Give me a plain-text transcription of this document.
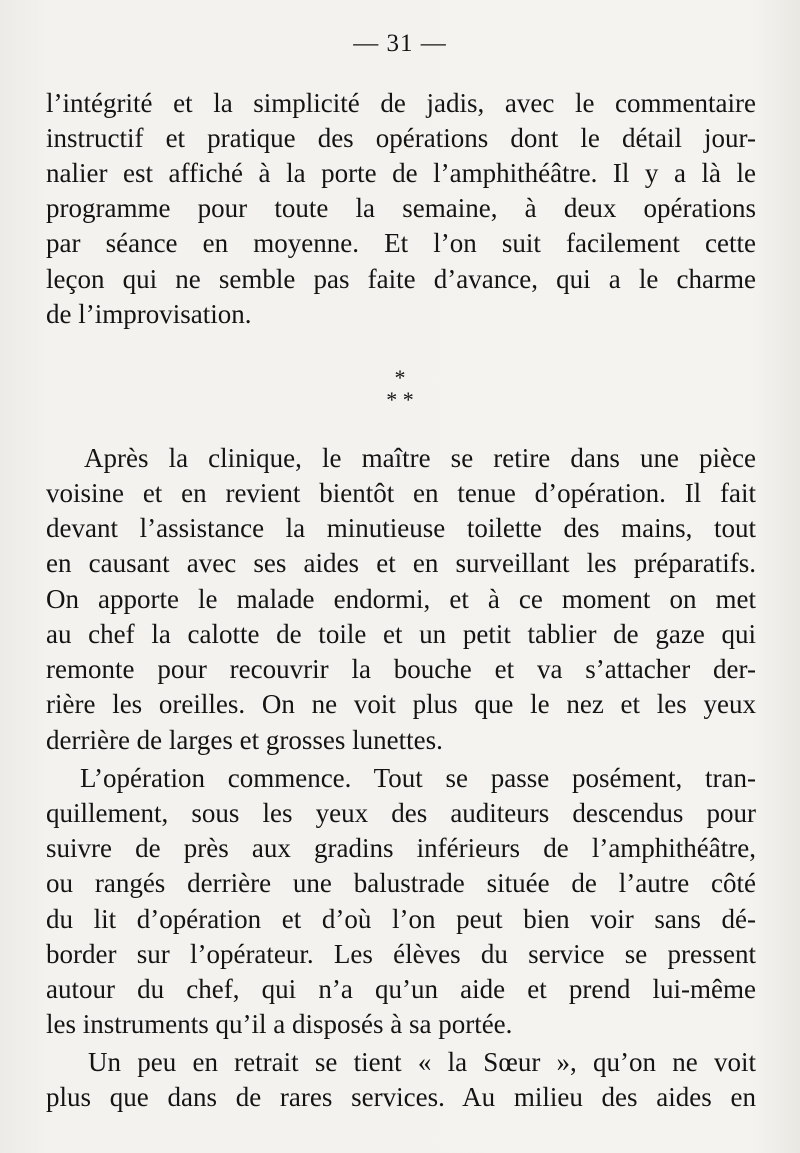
— 31 —
l’intégrité et la simplicité de jadis, avec le commentaire
instructif et pratique des opérations dont le détail jour-
nalier est affiché à la porte de l’amphithéâtre. Il y a là le
programme pour toute la semaine, à deux opérations
par séance en moyenne. Et l’on suit facilement cette
leçon qui ne semble pas faite d’avance, qui a le charme
de l’improvisation.
*
* *
Après la clinique, le maître se retire dans une pièce
voisine et en revient bientôt en tenue d’opération. Il fait
devant l’assistance la minutieuse toilette des mains, tout
en causant avec ses aides et en surveillant les préparatifs.
On apporte le malade endormi, et à ce moment on met
au chef la calotte de toile et un petit tablier de gaze qui
remonte pour recouvrir la bouche et va s’attacher der-
rière les oreilles. On ne voit plus que le nez et les yeux
derrière de larges et grosses lunettes.
L’opération commence. Tout se passe posément, tran-
quillement, sous les yeux des auditeurs descendus pour
suivre de près aux gradins inférieurs de l’amphithéâtre,
ou rangés derrière une balustrade située de l’autre côté
du lit d’opération et d’où l’on peut bien voir sans dé-
border sur l’opérateur. Les élèves du service se pressent
autour du chef, qui n’a qu’un aide et prend lui-même
les instruments qu’il a disposés à sa portée.
Un peu en retrait se tient « la Sœur », qu’on ne voit
plus que dans de rares services. Au milieu des aides en
